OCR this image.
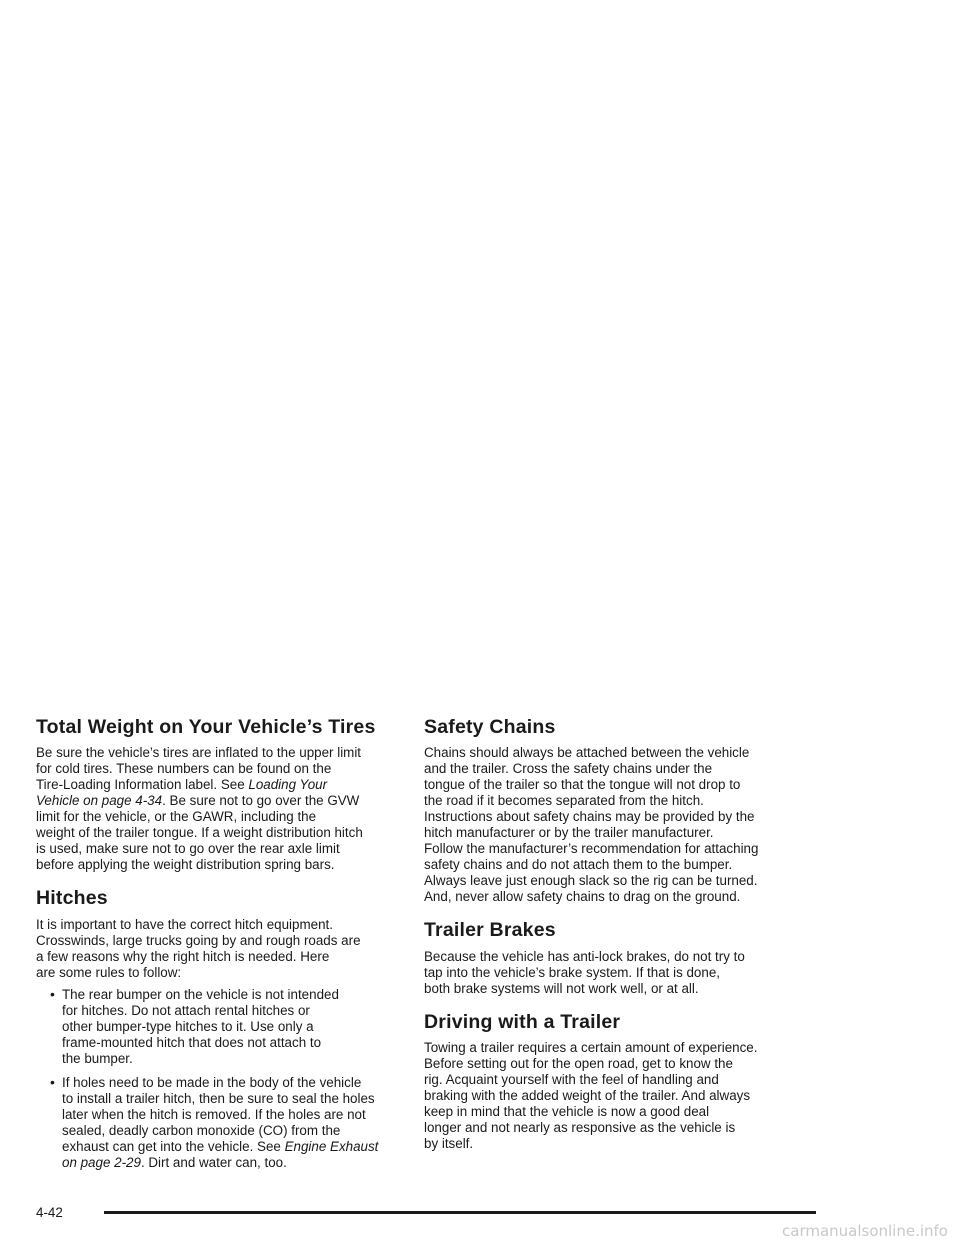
Total Weight on Your Vehicle’s Tires

Be sure the vehicle’s tires are inflated to the upper limit
for cold tires. These numbers can be found on the
Tire-Loading Information label. See Loading Your
Vehicle on page 4-34. Be sure not to go over the GVW
limit for the vehicle, or the GAWR, including the
weight of the trailer tongue. If a weight distribution hitch
is used, make sure not to go over the rear axle limit
before applying the weight distribution spring bars.

Hitches

It is important to have the correct hitch equipment.
Crosswinds, large trucks going by and rough roads are
a few reasons why the right hitch is needed. Here
are some rules to follow:

• The rear bumper on the vehicle is not intended
for hitches. Do not attach rental hitches or
other bumper-type hitches to it. Use only a
frame-mounted hitch that does not attach to
the bumper.
• If holes need to be made in the body of the vehicle
to install a trailer hitch, then be sure to seal the holes
later when the hitch is removed. If the holes are not
sealed, deadly carbon monoxide (CO) from the
exhaust can get into the vehicle. See Engine Exhaust
on page 2-29. Dirt and water can, too.
Safety Chains

Chains should always be attached between the vehicle
and the trailer. Cross the safety chains under the
tongue of the trailer so that the tongue will not drop to
the road if it becomes separated from the hitch.
Instructions about safety chains may be provided by the
hitch manufacturer or by the trailer manufacturer.
Follow the manufacturer’s recommendation for attaching
safety chains and do not attach them to the bumper.
Always leave just enough slack so the rig can be turned.
And, never allow safety chains to drag on the ground.

Trailer Brakes

Because the vehicle has anti-lock brakes, do not try to
tap into the vehicle’s brake system. If that is done,
both brake systems will not work well, or at all.

Driving with a Trailer

Towing a trailer requires a certain amount of experience.
Before setting out for the open road, get to know the
rig. Acquaint yourself with the feel of handling and
braking with the added weight of the trailer. And always
keep in mind that the vehicle is now a good deal
longer and not nearly as responsive as the vehicle is
by itself.

4-42
carmanualsonline.info
